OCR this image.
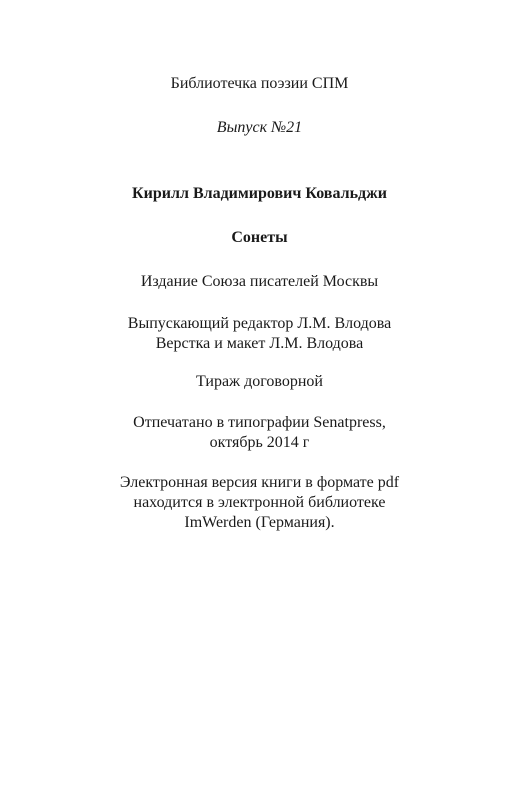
Библиотечка поэзии СПМ
Выпуск №21
Кирилл Владимирович Ковальджи
Сонеты
Издание Союза писателей Москвы
Выпускающий редактор Л.М. Влодова
Верстка и макет Л.М. Влодова
Тираж договорной
Отпечатано в типографии Senatpress,
октябрь 2014 г
Электронная версия книги в формате pdf
находится в электронной библиотеке
ImWerden (Германия).
